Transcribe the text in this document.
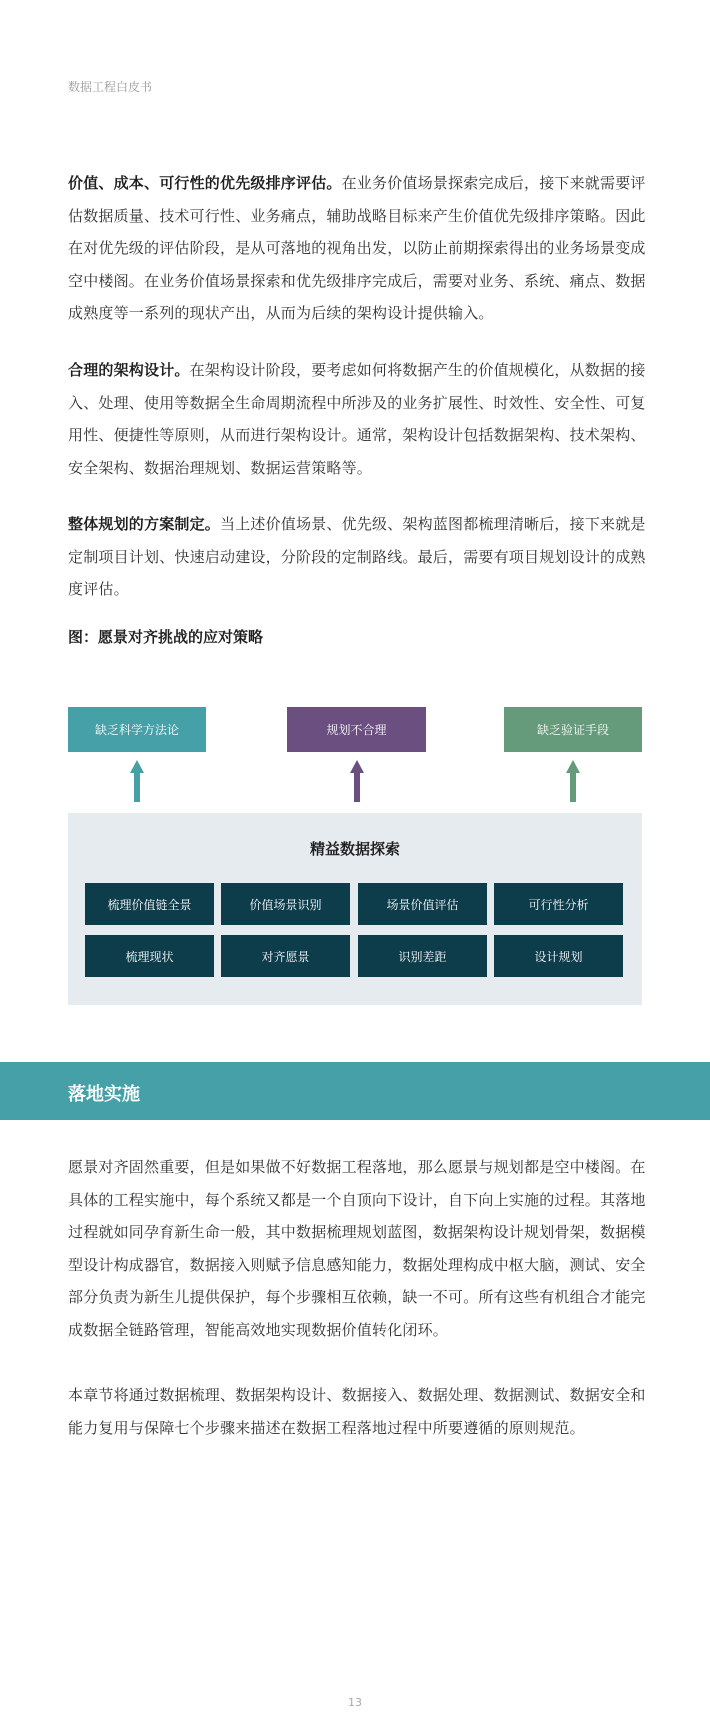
数据工程白皮书
价值、成本、可行性的优先级排序评估。在业务价值场景探索完成后，接下来就需要评估数据质量、技术可行性、业务痛点，辅助战略目标来产生价值优先级排序策略。因此在对优先级的评估阶段，是从可落地的视角出发，以防止前期探索得出的业务场景变成空中楼阁。在业务价值场景探索和优先级排序完成后，需要对业务、系统、痛点、数据成熟度等一系列的现状产出，从而为后续的架构设计提供输入。
合理的架构设计。在架构设计阶段，要考虑如何将数据产生的价值规模化，从数据的接入、处理、使用等数据全生命周期流程中所涉及的业务扩展性、时效性、安全性、可复用性、便捷性等原则，从而进行架构设计。通常，架构设计包括数据架构、技术架构、安全架构、数据治理规划、数据运营策略等。
整体规划的方案制定。当上述价值场景、优先级、架构蓝图都梳理清晰后，接下来就是定制项目计划、快速启动建设，分阶段的定制路线。最后，需要有项目规划设计的成熟度评估。
图：愿景对齐挑战的应对策略
缺乏科学方法论	规划不合理	缺乏验证手段
精益数据探索
梳理价值链全景	价值场景识别	场景价值评估	可行性分析
梳理现状	对齐愿景	识别差距	设计规划
落地实施
愿景对齐固然重要，但是如果做不好数据工程落地，那么愿景与规划都是空中楼阁。在具体的工程实施中，每个系统又都是一个自顶向下设计，自下向上实施的过程。其落地过程就如同孕育新生命一般，其中数据梳理规划蓝图，数据架构设计规划骨架，数据模型设计构成器官，数据接入则赋予信息感知能力，数据处理构成中枢大脑，测试、安全部分负责为新生儿提供保护，每个步骤相互依赖，缺一不可。所有这些有机组合才能完成数据全链路管理，智能高效地实现数据价值转化闭环。
本章节将通过数据梳理、数据架构设计、数据接入、数据处理、数据测试、数据安全和能力复用与保障七个步骤来描述在数据工程落地过程中所要遵循的原则规范。
13
